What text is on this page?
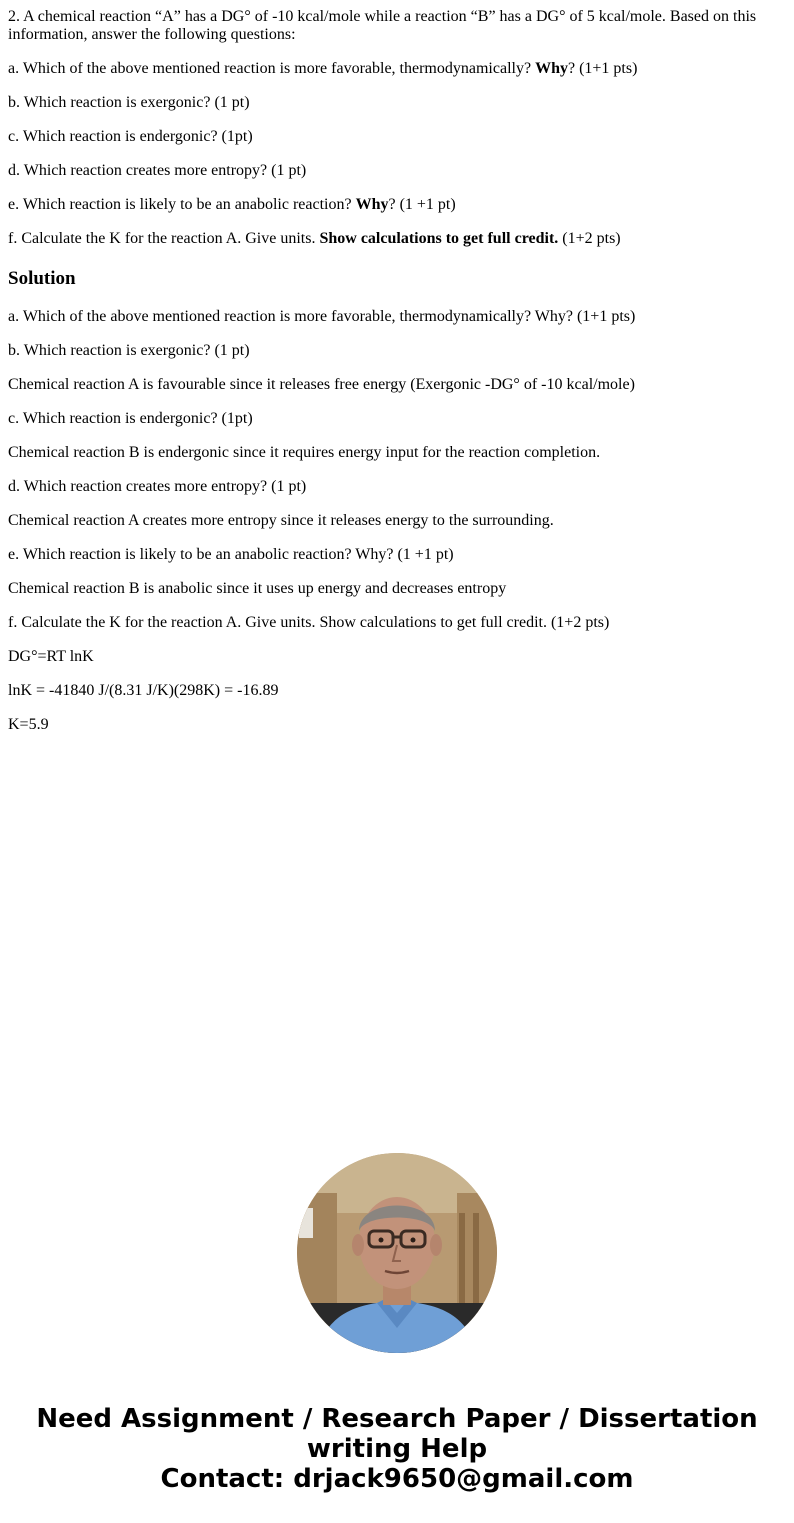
2. A chemical reaction “A” has a DG° of -10 kcal/mole while a reaction “B” has a DG° of 5 kcal/mole. Based on this information, answer the following questions:

a. Which of the above mentioned reaction is more favorable, thermodynamically? Why? (1+1 pts)

b. Which reaction is exergonic? (1 pt)

c. Which reaction is endergonic? (1pt)

d. Which reaction creates more entropy? (1 pt)

e. Which reaction is likely to be an anabolic reaction? Why? (1 +1 pt)

f. Calculate the K for the reaction A. Give units. Show calculations to get full credit. (1+2 pts)

Solution

a. Which of the above mentioned reaction is more favorable, thermodynamically? Why? (1+1 pts)

b. Which reaction is exergonic? (1 pt)

Chemical reaction A is favourable since it releases free energy (Exergonic -DG° of -10 kcal/mole)

c. Which reaction is endergonic? (1pt)

Chemical reaction B is endergonic since it requires energy input for the reaction completion.

d. Which reaction creates more entropy? (1 pt)

Chemical reaction A creates more entropy since it releases energy to the surrounding.

e. Which reaction is likely to be an anabolic reaction? Why? (1 +1 pt)

Chemical reaction B is anabolic since it uses up energy and decreases entropy

f. Calculate the K for the reaction A. Give units. Show calculations to get full credit. (1+2 pts)

DG°=RT lnK

lnK = -41840 J/(8.31 J/K)(298K) = -16.89

K=5.9

Need Assignment / Research Paper / Dissertation
writing Help
Contact: drjack9650@gmail.com
